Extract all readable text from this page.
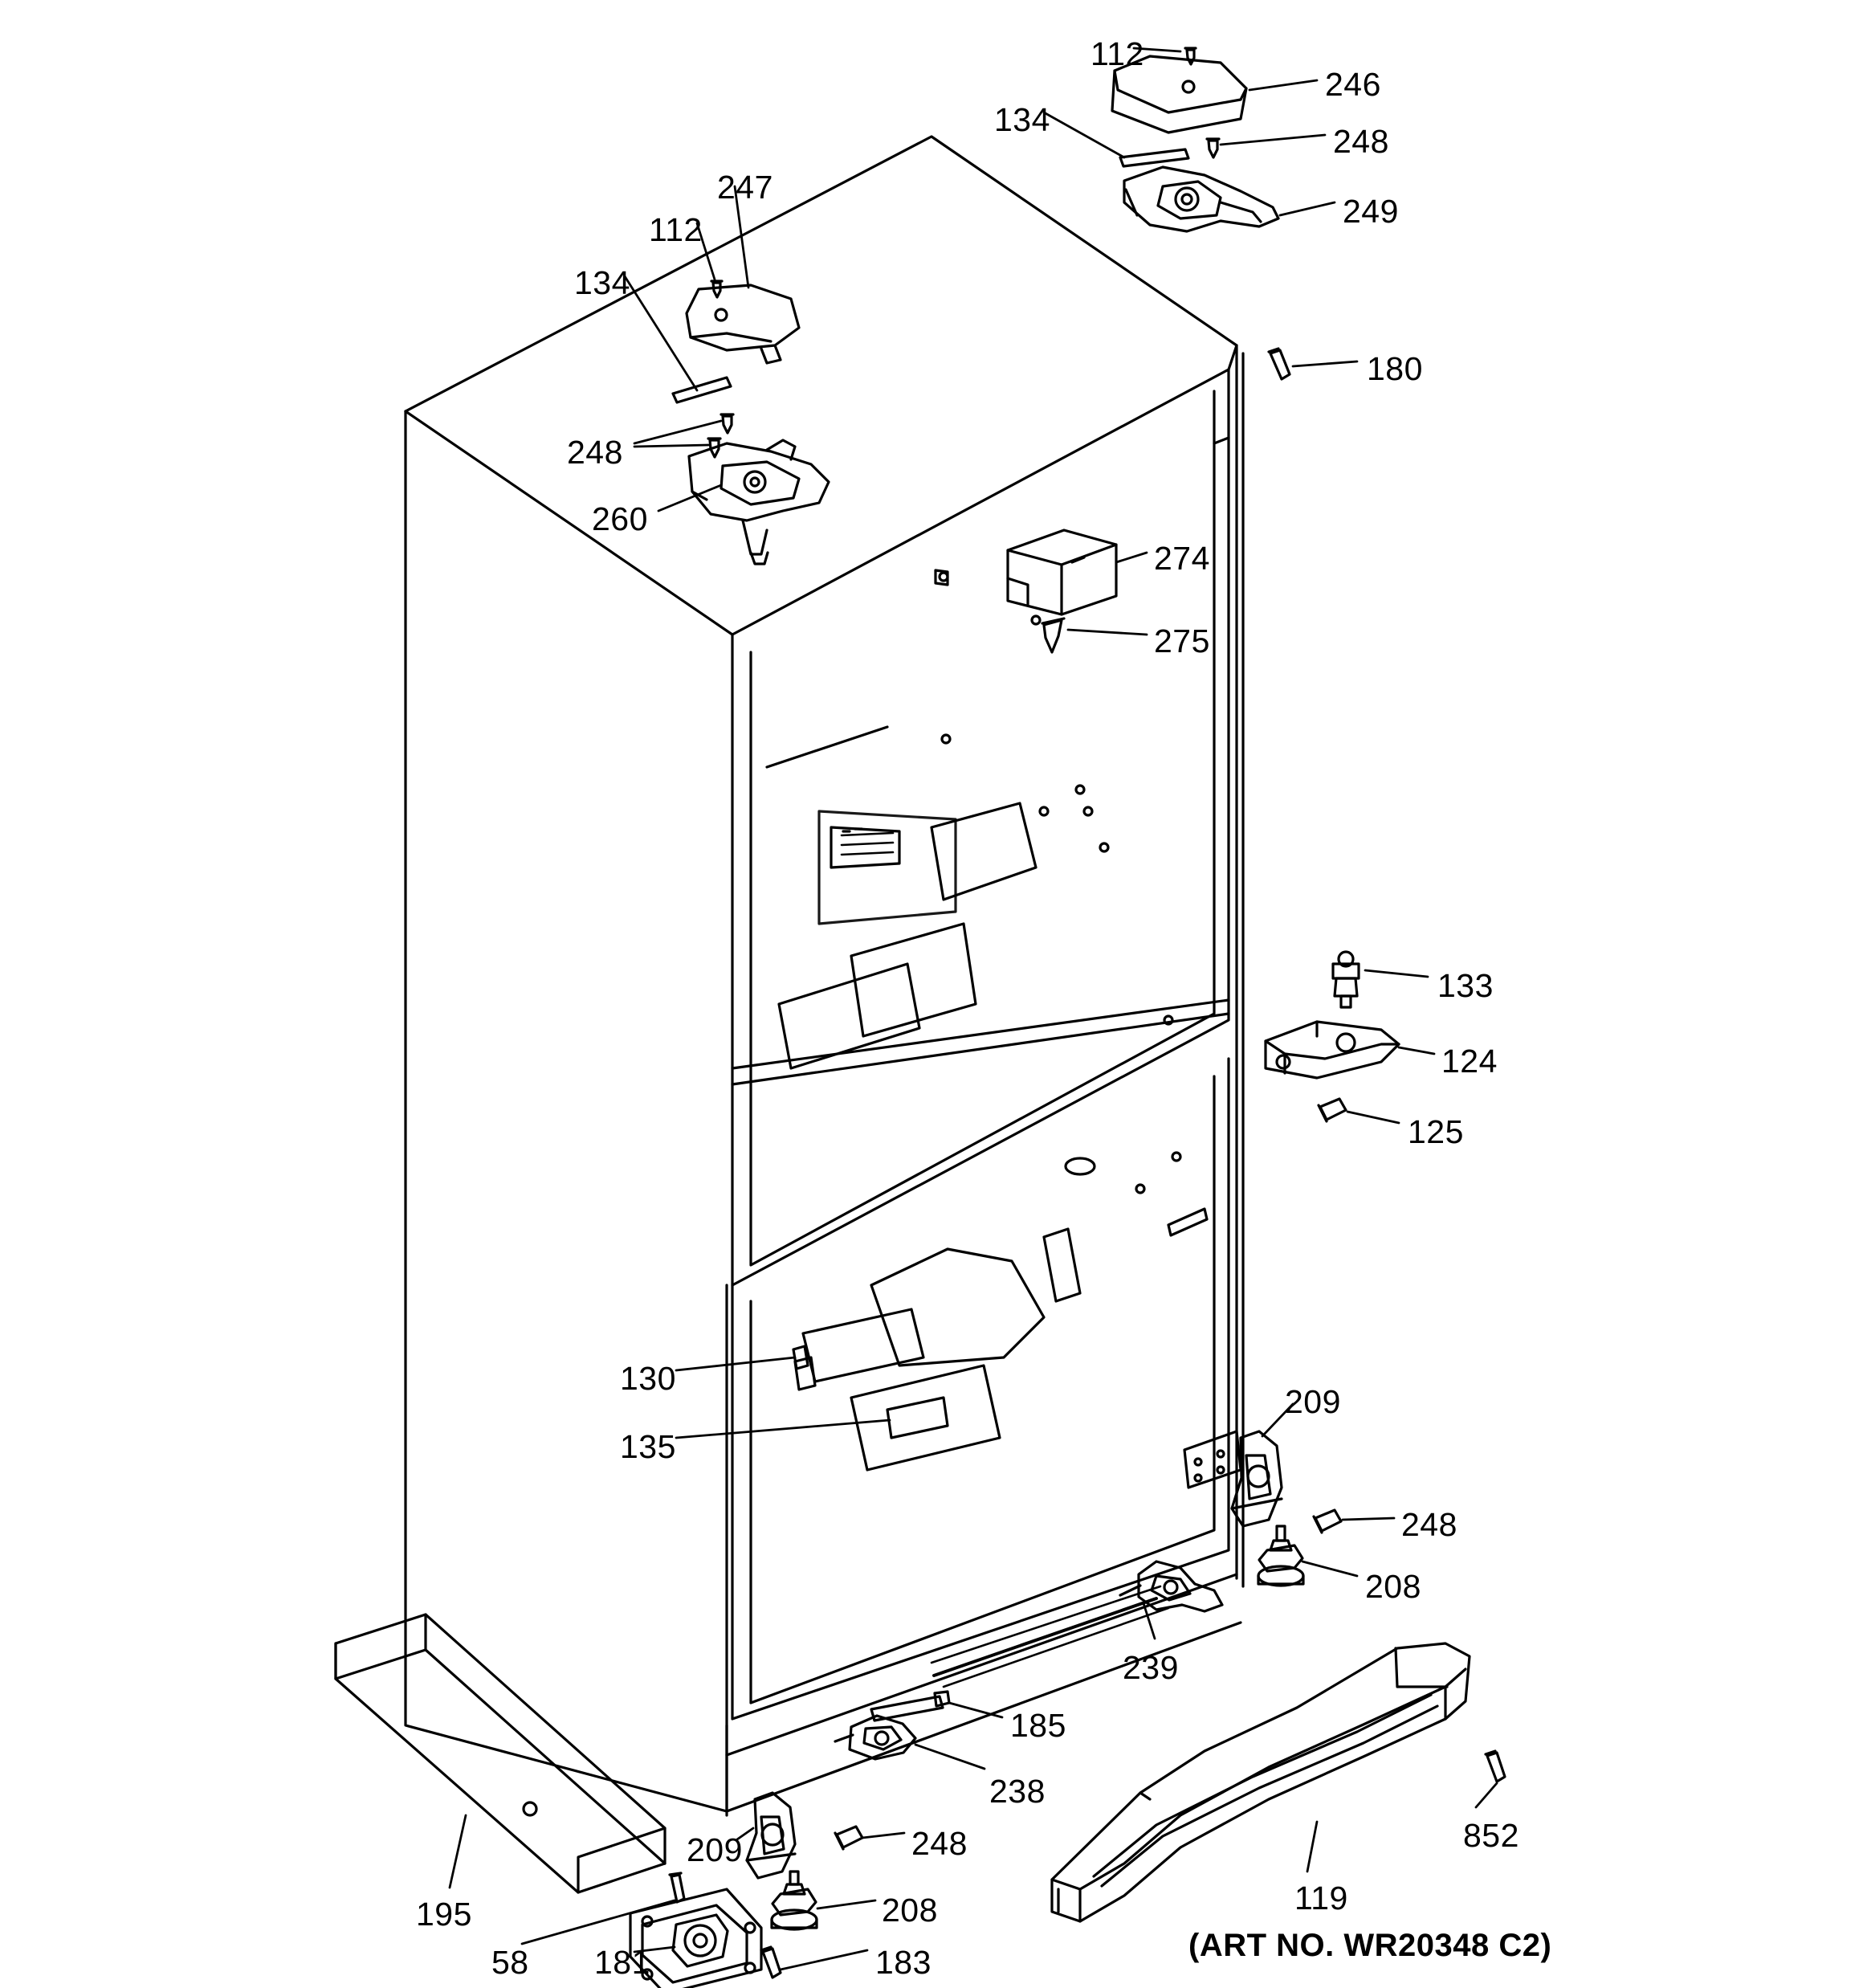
112
246
134
248
249
247
112
134
180
248
260
274
275
133
124
125
130
135
209
248
208
239
185
238
209	248
195	208	119
852
58 181	183	(ART NO. WR20348 C2)
